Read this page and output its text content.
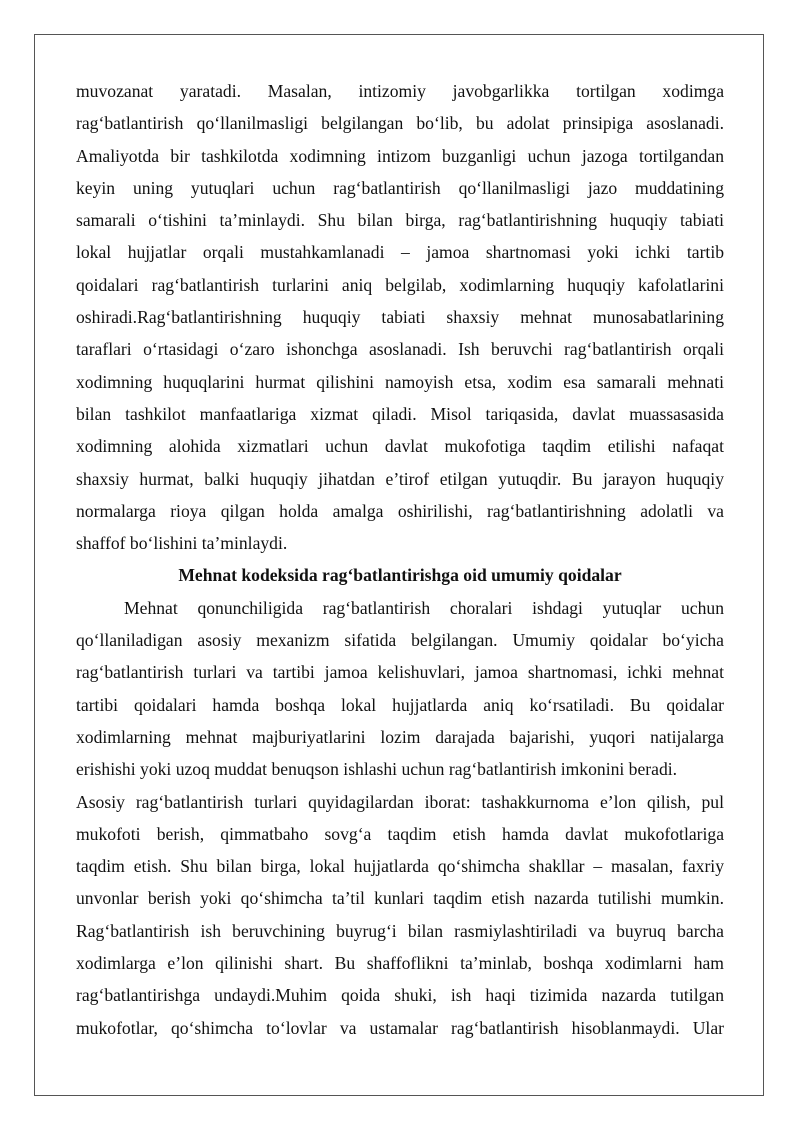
muvozanat yaratadi. Masalan, intizomiy javobgarlikka tortilgan xodimga

rag‘batlantirish qo‘llanilmasligi belgilangan bo‘lib, bu adolat prinsipiga asoslanadi.

Amaliyotda bir tashkilotda xodimning intizom buzganligi uchun jazoga tortilgandan

keyin uning yutuqlari uchun rag‘batlantirish qo‘llanilmasligi jazo muddatining

samarali o‘tishini ta’minlaydi. Shu bilan birga, rag‘batlantirishning huquqiy tabiati

lokal hujjatlar orqali mustahkamlanadi – jamoa shartnomasi yoki ichki tartib

qoidalari rag‘batlantirish turlarini aniq belgilab, xodimlarning huquqiy kafolatlarini

oshiradi.Rag‘batlantirishning huquqiy tabiati shaxsiy mehnat munosabatlarining

taraflari o‘rtasidagi o‘zaro ishonchga asoslanadi. Ish beruvchi rag‘batlantirish orqali

xodimning huquqlarini hurmat qilishini namoyish etsa, xodim esa samarali mehnati

bilan tashkilot manfaatlariga xizmat qiladi. Misol tariqasida, davlat muassasasida

xodimning alohida xizmatlari uchun davlat mukofotiga taqdim etilishi nafaqat

shaxsiy hurmat, balki huquqiy jihatdan e’tirof etilgan yutuqdir. Bu jarayon huquqiy

normalarga rioya qilgan holda amalga oshirilishi, rag‘batlantirishning adolatli va

shaffof bo‘lishini ta’minlaydi.

Mehnat kodeksida rag‘batlantirishga oid umumiy qoidalar

Mehnat qonunchiligida rag‘batlantirish choralari ishdagi yutuqlar uchun

qo‘llaniladigan asosiy mexanizm sifatida belgilangan. Umumiy qoidalar bo‘yicha

rag‘batlantirish turlari va tartibi jamoa kelishuvlari, jamoa shartnomasi, ichki mehnat

tartibi qoidalari hamda boshqa lokal hujjatlarda aniq ko‘rsatiladi. Bu qoidalar

xodimlarning mehnat majburiyatlarini lozim darajada bajarishi, yuqori natijalarga

erishishi yoki uzoq muddat benuqson ishlashi uchun rag‘batlantirish imkonini beradi.

Asosiy rag‘batlantirish turlari quyidagilardan iborat: tashakkurnoma e’lon qilish, pul

mukofoti berish, qimmatbaho sovg‘a taqdim etish hamda davlat mukofotlariga

taqdim etish. Shu bilan birga, lokal hujjatlarda qo‘shimcha shakllar – masalan, faxriy

unvonlar berish yoki qo‘shimcha ta’til kunlari taqdim etish nazarda tutilishi mumkin.

Rag‘batlantirish ish beruvchining buyrug‘i bilan rasmiylashtiriladi va buyruq barcha

xodimlarga e’lon qilinishi shart. Bu shaffoflikni ta’minlab, boshqa xodimlarni ham

rag‘batlantirishga undaydi.Muhim qoida shuki, ish haqi tizimida nazarda tutilgan

mukofotlar, qo‘shimcha to‘lovlar va ustamalar rag‘batlantirish hisoblanmaydi. Ular
